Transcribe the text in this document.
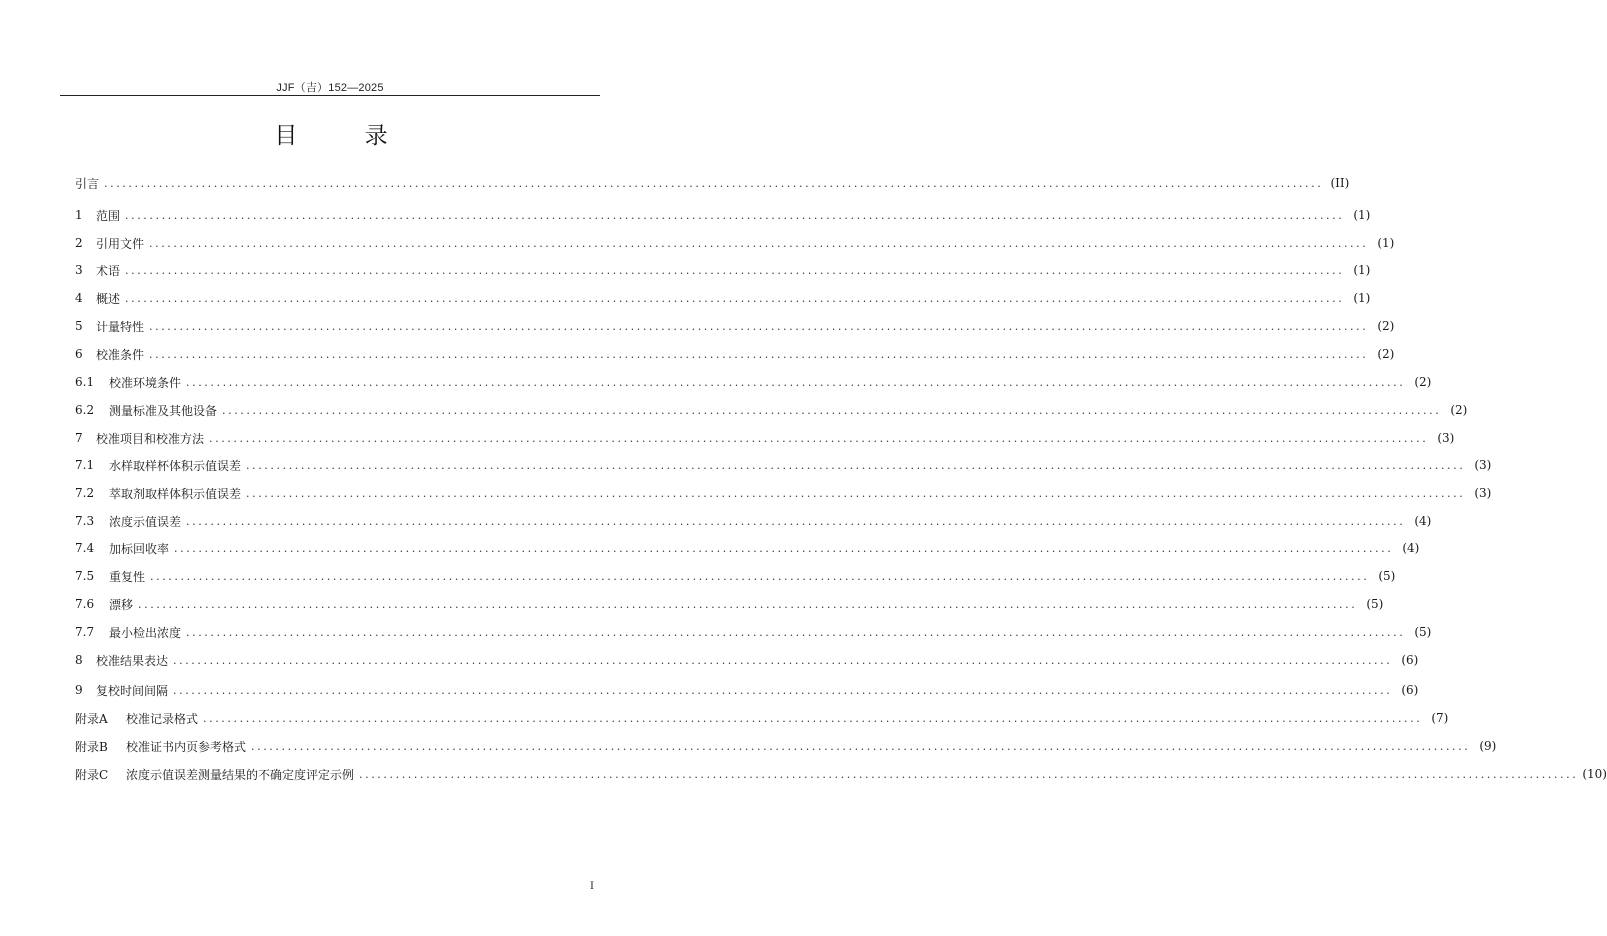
JJF（吉）152—2025
目 录
引言 ........................................................................................................................................................................................................ (II)
1	范围 ........................................................................................................................................................................................................ (1)
2	引用文件 ........................................................................................................................................................................................................ (1)
3	术语 ........................................................................................................................................................................................................ (1)
4	概述 ........................................................................................................................................................................................................ (1)
5	计量特性 ........................................................................................................................................................................................................ (2)
6	校准条件 ........................................................................................................................................................................................................ (2)
6.1	校准环境条件 ........................................................................................................................................................................................................ (2)
6.2	测量标准及其他设备 ........................................................................................................................................................................................................ (2)
7	校准项目和校准方法 ........................................................................................................................................................................................................ (3)
7.1	水样取样杯体积示值误差 ........................................................................................................................................................................................................ (3)
7.2	萃取剂取样体积示值误差 ........................................................................................................................................................................................................ (3)
7.3	浓度示值误差 ........................................................................................................................................................................................................ (4)
7.4	加标回收率 ........................................................................................................................................................................................................ (4)
7.5	重复性 ........................................................................................................................................................................................................ (5)
7.6	漂移 ........................................................................................................................................................................................................ (5)
7.7	最小检出浓度 ........................................................................................................................................................................................................ (5)
8	校准结果表达 ........................................................................................................................................................................................................ (6)
9	复校时间间隔 ........................................................................................................................................................................................................ (6)
附录A	校准记录格式 ........................................................................................................................................................................................................ (7)
附录B	校准证书内页参考格式 ........................................................................................................................................................................................................ (9)
附录C	浓度示值误差测量结果的不确定度评定示例 ........................................................................................................................................................................................................ (10)
I
